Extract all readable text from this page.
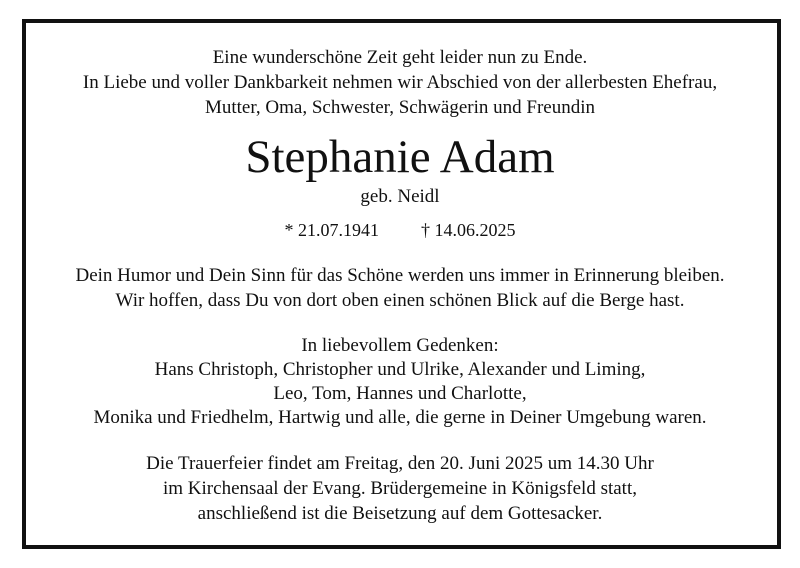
Eine wunderschöne Zeit geht leider nun zu Ende.
In Liebe und voller Dankbarkeit nehmen wir Abschied von der allerbesten Ehefrau,
Mutter, Oma, Schwester, Schwägerin und Freundin
Stephanie Adam
geb. Neidl
* 21.07.1941 † 14.06.2025
Dein Humor und Dein Sinn für das Schöne werden uns immer in Erinnerung bleiben.
Wir hoffen, dass Du von dort oben einen schönen Blick auf die Berge hast.
In liebevollem Gedenken:
Hans Christoph, Christopher und Ulrike, Alexander und Liming,
Leo, Tom, Hannes und Charlotte,
Monika und Friedhelm, Hartwig und alle, die gerne in Deiner Umgebung waren.
Die Trauerfeier findet am Freitag, den 20. Juni 2025 um 14.30 Uhr
im Kirchensaal der Evang. Brüdergemeine in Königsfeld statt,
anschließend ist die Beisetzung auf dem Gottesacker.
